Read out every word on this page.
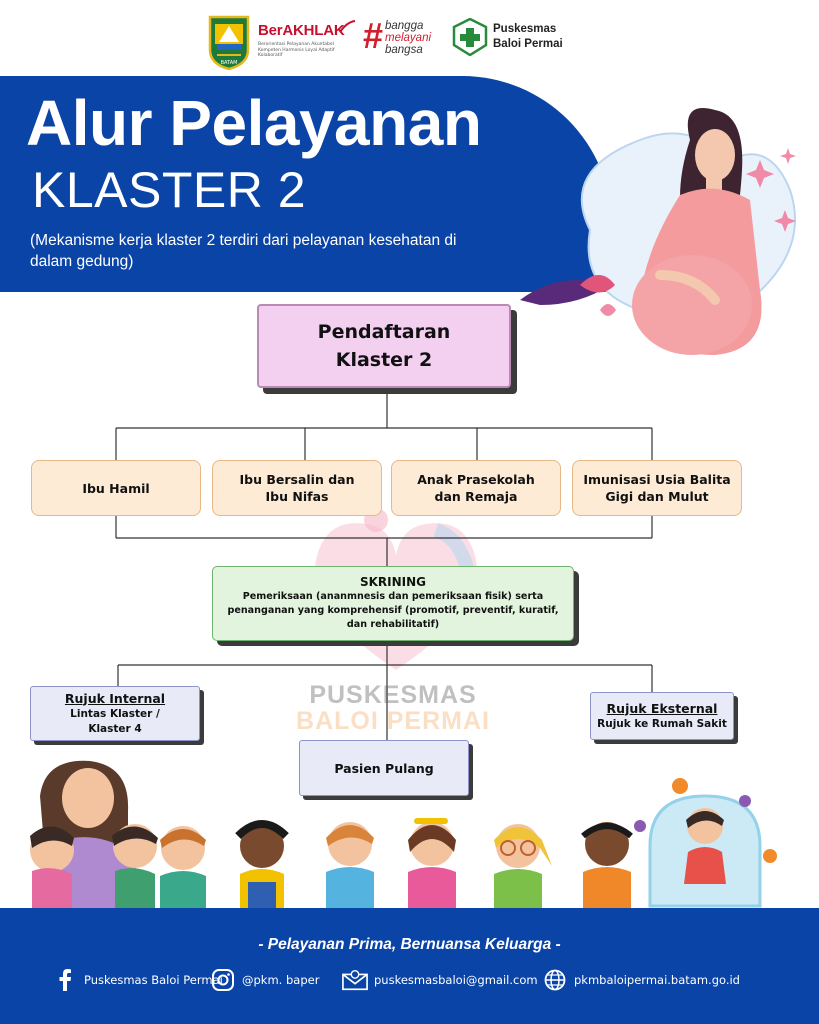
BATAM
BerAKHLAK
Berorientasi Pelayanan Akuntabel Kompeten Harmonis Loyal Adaptif Kolaboratif	# bangga
melayani
bangsa
Puskesmas
Baloi Permai
Alur Pelayanan
KLASTER 2
(Mekanisme kerja klaster 2 terdiri dari pelayanan kesehatan di dalam gedung)
Pendaftaran
Klaster 2
Ibu Hamil
Ibu Bersalin dan
Ibu Nifas
Anak Prasekolah
dan Remaja
Imunisasi Usia Balita
Gigi dan Mulut
SKRINING
Pemeriksaan (ananmnesis dan pemeriksaan fisik) serta penanganan yang komprehensif (promotif, preventif, kuratif, dan rehabilitatif)
PUSKESMAS
BALOI PERMAI
Rujuk Internal
Lintas Klaster /
Klaster 4
Rujuk Eksternal
Rujuk ke Rumah Sakit
Pasien Pulang
- Pelayanan Prima, Bernuansa Keluarga -
Puskesmas Baloi Permai @pkm. baper	puskesmasbaloi@gmail.com	pkmbaloipermai.batam.go.id
